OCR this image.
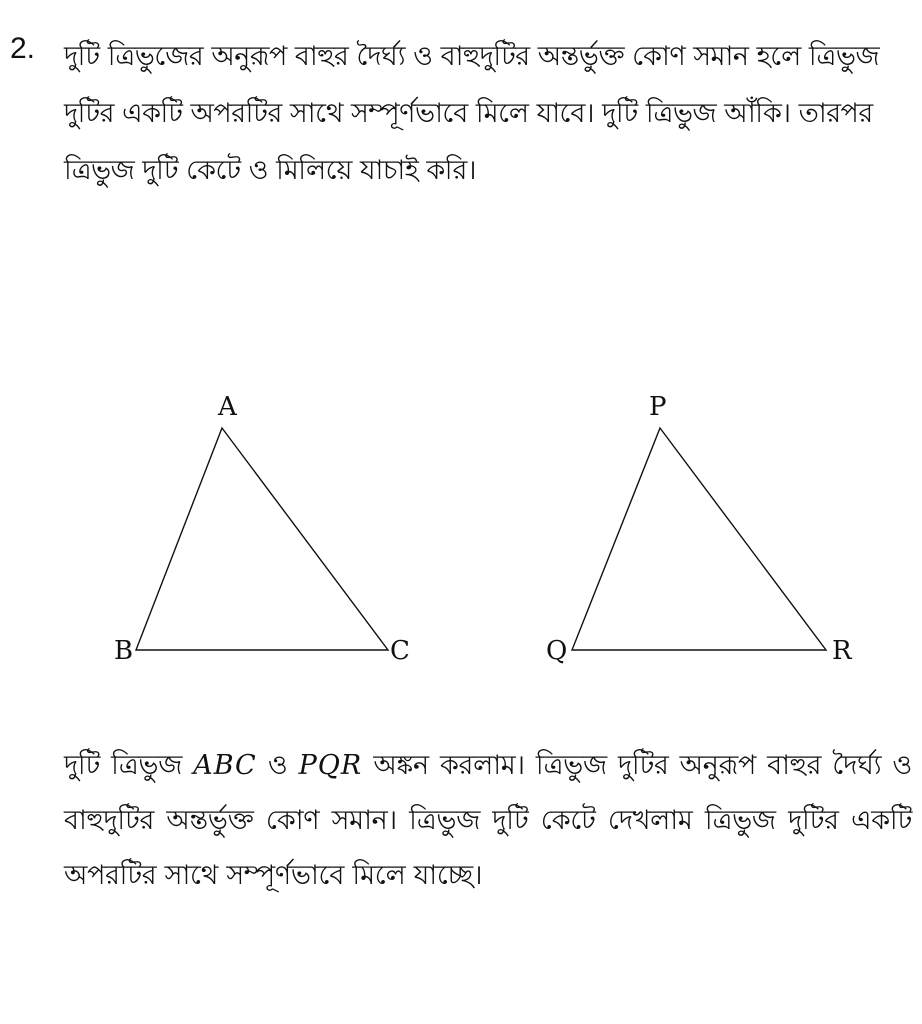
2. দুটি ত্রিভুজের অনুরূপ বাহুর দৈর্ঘ্য ও বাহুদুটির অন্তর্ভুক্ত কোণ সমান হলে ত্রিভুজ দুটির একটি অপরটির সাথে সম্পূর্ণভাবে মিলে যাবে। দুটি ত্রিভুজ আঁকি। তারপর ত্রিভুজ দুটি কেটে ও মিলিয়ে যাচাই করি।
A
B	C
P
Q	R
দুটি ত্রিভুজ ABC ও PQR অঙ্কন করলাম। ত্রিভুজ দুটির অনুরূপ বাহুর দৈর্ঘ্য ও বাহুদুটির অন্তর্ভুক্ত কোণ সমান। ত্রিভুজ দুটি কেটে দেখলাম ত্রিভুজ দুটির একটি অপরটির সাথে সম্পূর্ণভাবে মিলে যাচ্ছে।
